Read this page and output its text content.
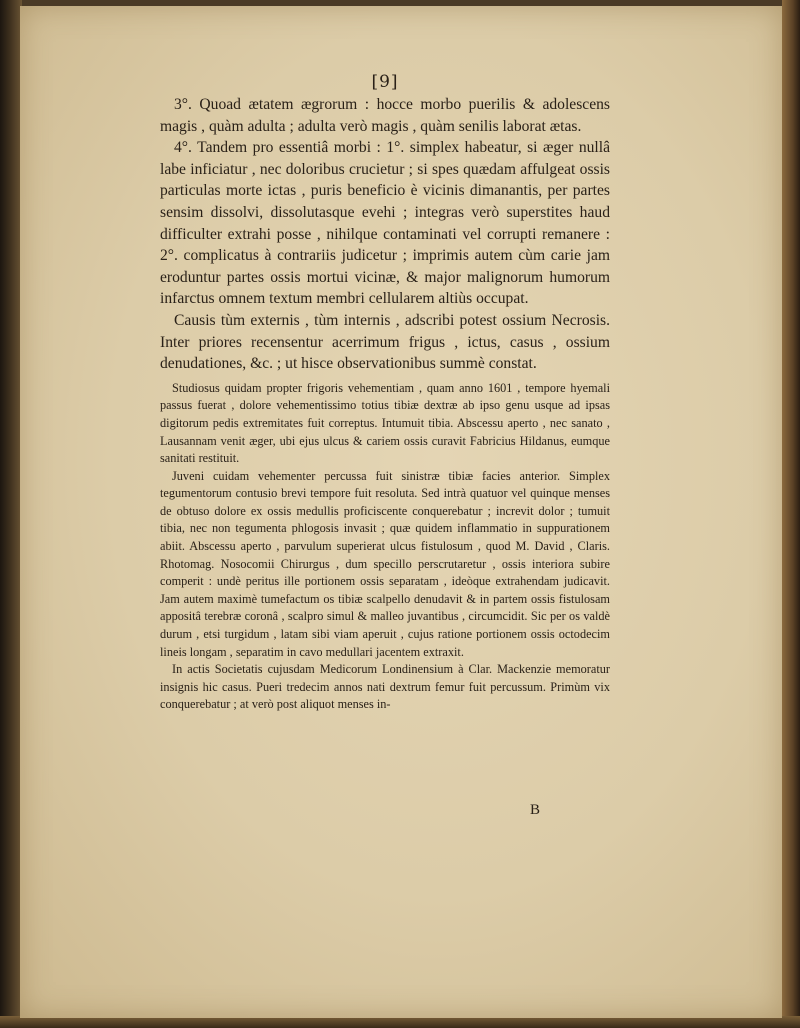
[9]

3°. Quoad ætatem ægrorum : hocce morbo puerilis & adolescens magis , quàm adulta ; adulta verò magis , quàm senilis laborat ætas.

4°. Tandem pro essentiâ morbi : 1°. simplex habeatur, si æger nullâ labe inficiatur , nec doloribus crucietur ; si spes quædam affulgeat ossis particulas morte ictas , puris beneficio è vicinis dimanantis, per partes sensim dissolvi, dissolutasque evehi ; integras verò superstites haud difficulter extrahi posse , nihilque contaminati vel corrupti remanere : 2°. complicatus à contrariis judicetur ; imprimis autem cùm carie jam eroduntur partes ossis mortui vicinæ, & major malignorum humorum infarctus omnem textum membri cellularem altiùs occupat.

Causis tùm externis , tùm internis , adscribi potest ossium Necrosis. Inter priores recensentur acerrimum frigus , ictus, casus , ossium denudationes, &c. ; ut hisce observationibus summè constat.

Studiosus quidam propter frigoris vehementiam , quam anno 1601 , tempore hyemali passus fuerat , dolore vehementissimo totius tibiæ dextræ ab ipso genu usque ad ipsas digitorum pedis extremitates fuit correptus. Intumuit tibia. Abscessu aperto , nec sanato , Lausannam venit æger, ubi ejus ulcus & cariem ossis curavit Fabricius Hildanus, eumque sanitati restituit.

Juveni cuidam vehementer percussa fuit sinistræ tibiæ facies anterior. Simplex tegumentorum contusio brevi tempore fuit resoluta. Sed intrà quatuor vel quinque menses de obtuso dolore ex ossis medullis proficiscente conquerebatur ; increvit dolor ; tumuit tibia, nec non tegumenta phlogosis invasit ; quæ quidem inflammatio in suppurationem abiit. Abscessu aperto , parvulum superierat ulcus fistulosum , quod M. David , Claris. Rhotomag. Nosocomii Chirurgus , dum specillo perscrutaretur , ossis interiora subire comperit : undè peritus ille portionem ossis separatam , ideòque extrahendam judicavit. Jam autem maximè tumefactum os tibiæ scalpello denudavit & in partem ossis fistulosam appositâ terebræ coronâ , scalpro simul & malleo juvantibus , circumcidit. Sic per os valdè durum , etsi turgidum , latam sibi viam aperuit , cujus ratione portionem ossis octodecim lineis longam , separatim in cavo medullari jacentem extraxit.

In actis Societatis cujusdam Medicorum Londinensium à Clar. Mackenzie memoratur insignis hic casus. Pueri tredecim annos nati dextrum femur fuit percussum. Primùm vix conquerebatur ; at verò post aliquot menses in-

B
